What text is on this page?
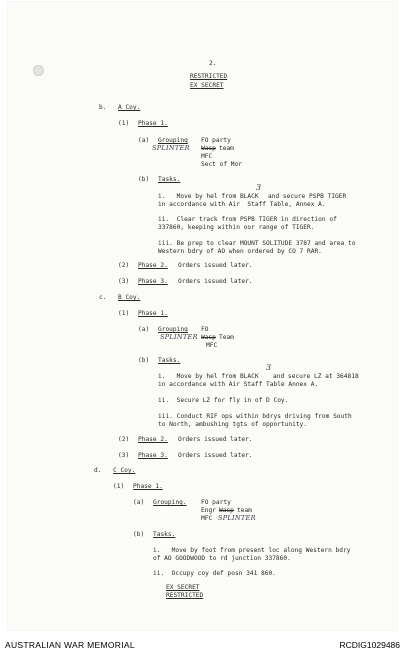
2.
RESTRICTED
EX SECRET
b. A Coy.
(1) Phase 1.
(a) Grouping FO party
SPLINTER Wasp team
MFC
Sect of Mor
(b) Tasks.
3
i.   Move by hel from BLACK and secure PSPB TIGER
in accordance with Air  Staff Table, Annex A.
ii.  Clear track from PSPB TIGER in direction of
337860, keeping within oor range of TIGER.
iii. Be prep to clear MOUNT SOLITUDE 3787 and area to
Western bdry of AO when ordered by CO 7 RAR.
(2) Phase 2. Orders issued later.
(3) Phase 3. Orders issued later.
c. B Coy.
(1) Phase 1.
(a) Grouping FO
SPLINTER Wasp Team
MFC
(b) Tasks.
3
i.   Move by hel from BLACK and secure LZ at 364818
in accordance with Air Staff Table Annex A.
ii.  Secure LZ for fly in of D Coy.
iii. Conduct RIF ops within bdrys driving from South
to North, ambushing tgts of opportunity.
(2) Phase 2. Orders issued later.
(3) Phase 3. Orders issued later.
d. C Coy.
(1) Phase 1.
(a) Grouping. FO party
Engr Wasp team
MFC SPLINTER
(b) Tasks.
i.   Move by foot from present loc along Western bdry
of AO GOODWOOD to rd junction 337860.
ii.  Occupy coy def posn 341 860.
EX SECRET
RESTRICTED
AUSTRALIAN WAR MEMORIAL	RCDIG1029486
